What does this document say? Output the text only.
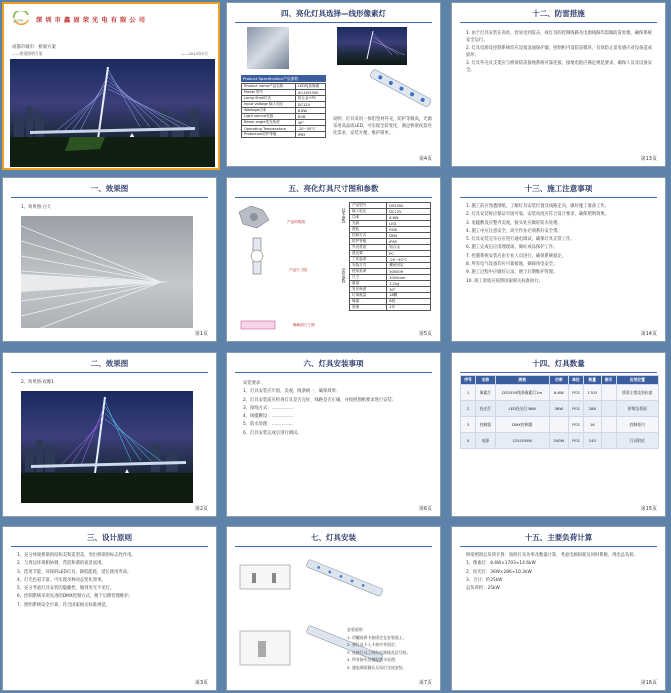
鑫固荣 深 圳 市 鑫 固 荣 光 电 有 限 公 司
成都市城市：桥梁方案
——桥梁照明方案	——2013年5月
四、亮化灯具选择—线形像素灯
Product Specification产品参数
Product name产品名称	LED线条像素
Model 型号	XG-DS5350
Lamp Shell灯壳	铝合金+PC
Input voltage 输入电压	DC12V
Wattage功率	8.6W
Light source光源	RGB
Beam angle发光角度	30°
Operating Temperature	-20~50°C
Protection防护等级	IP65
说明：灯具采用一体铝型材外壳，防护等级高，光源采用高品质LED，可实现全彩变化，满足桥梁夜景亮化需求，安装方便，维护简单。
第4页
十二、防雷措施

1. 由于灯具安装在高处，容易受到雷击，故灯具的控制线路及电源线路均需做防雷处理，确保系统安全运行。

2. 灯具电源及控制系统均应设置浪涌保护器，控制柜内设防雷模块，有效防止雷电感应对设备造成损坏。

3. 灯具外壳及支架应与桥梁防雷接地系统可靠连接，接地电阻应满足规范要求，确保人员及设备安全。

第13页
一、效果图
1、效果图-白天
第1页
五、亮化灯具尺寸图和参数
产品结构图
产品尺寸图
横截面尺寸图
技术参数
安装参数
产品型号	DS5350
输入电压	DC12V
功率	8.6W
光源	LED
颜色	RGB
控制方式	DMX
防护等级	IP65
外壳材质	铝合金
透光罩	PC
工作温度	-20~50°C
安装方式	螺丝固定
使用寿命	50000H
尺寸	1000mm
重量	1.2kg
发光角度	30°
灯珠数量	18颗
像素	6段
质保	2年
第5页
十三、施工注意事项

1. 施工前应熟悉图纸，了解灯具安装位置及线路走向，做好施工准备工作。

2. 灯具安装时应保证牢固可靠，安装角度应符合设计要求，确保照明效果。

3. 电缆敷设应整齐美观，接头处应做好防水处理。

4. 施工中应注意安全，高空作业必须系好安全带。

5. 灯具安装完毕后应进行通电调试，确保灯具正常工作。

6. 施工完成后应清理现场，做好成品保护工作。

7. 控制系统安装应由专业人员进行，确保系统稳定。

8. 所有电气设备均应可靠接地，确保用电安全。

9. 施工过程中应做好记录，便于后期维护管理。

10. 竣工验收应按照国家相关标准执行。

第14页
二、效果图
2、效果图-夜晚1
第2页
六、灯具安装事项

安装要求：

1、灯具安装应牢固，美观，线条统一，确保效果；

2、灯具安装前应检查灯具是否完好，线路是否正确，并按照图纸要求进行安装；

3、接线方式：……………

4、线缆敷设：……………

5、防水处理：……………

6、灯具安装完成后进行调试。

第6页
十四、灯具数量
序号	名称	规格	功率	单位	数量	图示	应用位置
1	像素灯	DS5350线条像素灯1m	8.6W	PCS	1703		桥梁主塔及斜拉索
2	投光灯	LED投光灯36W	36W	PCS	286		桥墩及桥面
3	控制器	DMX控制器		PCS	16		控制柜内
4	电源	12V/300W	300W	PCS	140		灯具附近
第15页
三、设计原则

1、充分体现桥梁的结构美和造型美，突出桥梁的标志性作用。

2、与周边环境相协调，营造和谐的夜景氛围。

3、选用节能、环保的LED灯具，降低能耗，延长使用寿命。

4、灯光色彩丰富，可实现多种动态变化效果。

5、充分考虑灯具安装的隐蔽性，做到见光不见灯。

6、控制系统采用先进的DMX控制方式，便于后期管理维护。

7、照明系统安全可靠，符合国家相关标准规范。

第3页
七、灯具安装

安装说明：

1. 用螺丝将卡扣固定在安装面上；

2. 将灯具卡入卡扣中并固定；

3. 连接灯具之间的电源线及信号线；

4. 所有接头处做好防水处理；

5. 通电调试确认无误后完成安装。

第7页
十五、主要负荷计算

桥梁照明总负荷计算：按照灯具功率及数量计算，考虑电源损耗及同时系数，得出总负荷。

1、像素灯：8.6W×1703≈14.6kW

2、投光灯：36W×286≈10.3kW

3、合计：约25kW

总负荷约：25kW

第16页
